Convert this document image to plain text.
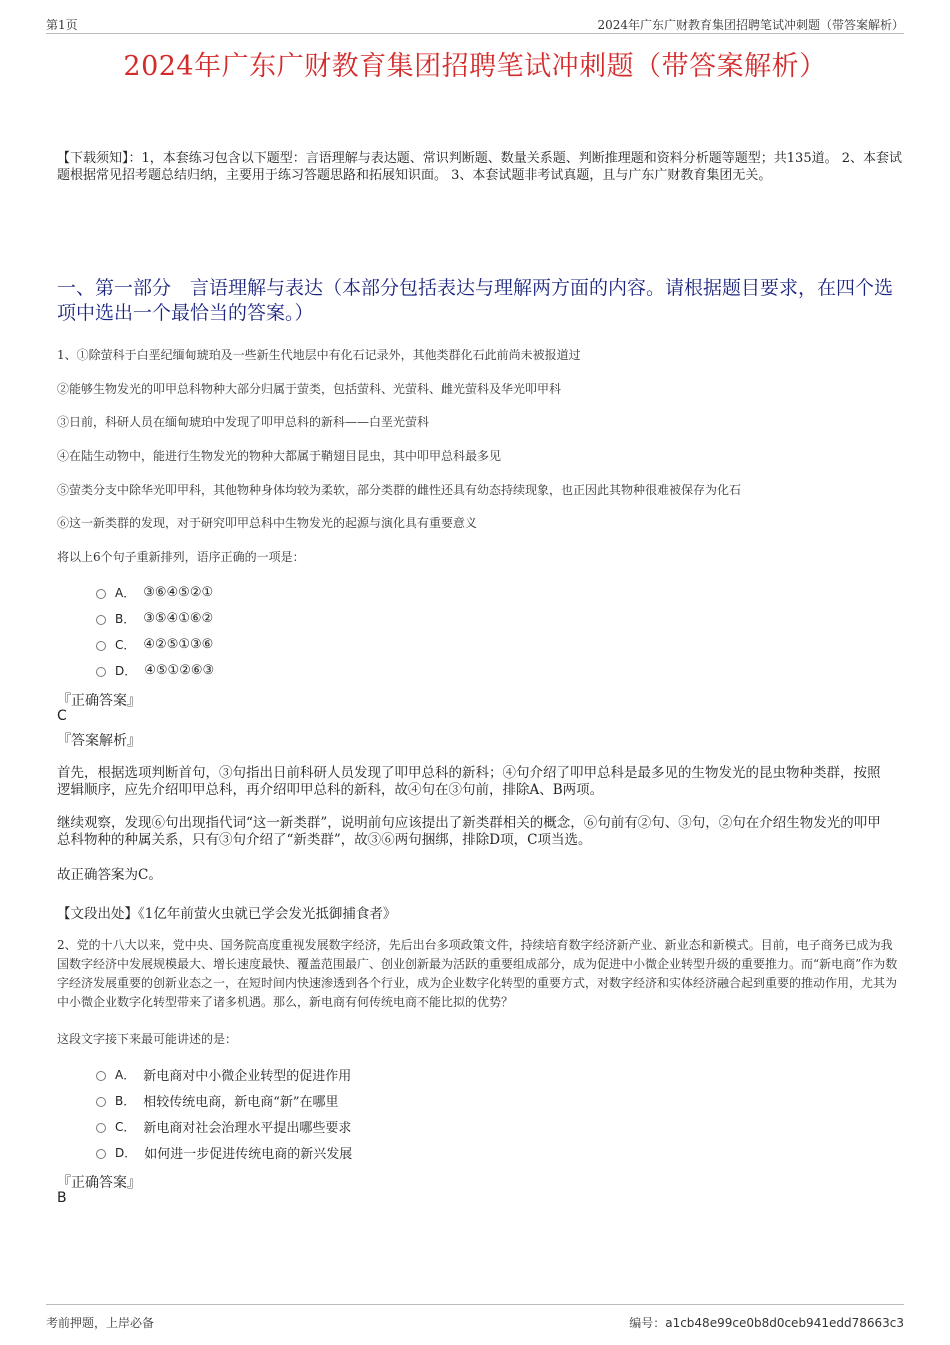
第1页	2024年广东广财教育集团招聘笔试冲刺题（带答案解析）
2024年广东广财教育集团招聘笔试冲刺题（带答案解析）
【下载须知】：1，本套练习包含以下题型：言语理解与表达题、常识判断题、数量关系题、判断推理题和资料分析题等题型；共135道。 2、本套试题根据常见招考题总结归纳，主要用于练习答题思路和拓展知识面。 3、本套试题非考试真题，且与广东广财教育集团无关。
一、第一部分　言语理解与表达（本部分包括表达与理解两方面的内容。请根据题目要求，在四个选项中选出一个最恰当的答案。）
1、①除萤科于白垩纪缅甸琥珀及一些新生代地层中有化石记录外，其他类群化石此前尚未被报道过
②能够生物发光的叩甲总科物种大部分归属于萤类，包括萤科、光萤科、雌光萤科及华光叩甲科
③日前，科研人员在缅甸琥珀中发现了叩甲总科的新科——白垩光萤科
④在陆生动物中，能进行生物发光的物种大都属于鞘翅目昆虫，其中叩甲总科最多见
⑤萤类分支中除华光叩甲科，其他物种身体均较为柔软，部分类群的雌性还具有幼态持续现象，也正因此其物种很难被保存为化石
⑥这一新类群的发现，对于研究叩甲总科中生物发光的起源与演化具有重要意义
将以上6个句子重新排列，语序正确的一项是：
A． ③⑥④⑤②①
B． ③⑤④①⑥②
C． ④②⑤①③⑥
D． ④⑤①②⑥③
『正确答案』
C
『答案解析』
首先，根据选项判断首句，③句指出日前科研人员发现了叩甲总科的新科；④句介绍了叩甲总科是最多见的生物发光的昆虫物种类群，按照逻辑顺序，应先介绍叩甲总科，再介绍叩甲总科的新科，故④句在③句前，排除A、B两项。
继续观察，发现⑥句出现指代词“这一新类群”，说明前句应该提出了新类群相关的概念，⑥句前有②句、③句，②句在介绍生物发光的叩甲总科物种的种属关系，只有③句介绍了“新类群”，故③⑥两句捆绑，排除D项，C项当选。
故正确答案为C。
【文段出处】《1亿年前萤火虫就已学会发光抵御捕食者》
2、党的十八大以来，党中央、国务院高度重视发展数字经济，先后出台多项政策文件，持续培育数字经济新产业、新业态和新模式。目前，电子商务已成为我国数字经济中发展规模最大、增长速度最快、覆盖范围最广、创业创新最为活跃的重要组成部分，成为促进中小微企业转型升级的重要推力。而“新电商”作为数字经济发展重要的创新业态之一，在短时间内快速渗透到各个行业，成为企业数字化转型的重要方式，对数字经济和实体经济融合起到重要的推动作用，尤其为中小微企业数字化转型带来了诸多机遇。那么，新电商有何传统电商不能比拟的优势？
这段文字接下来最可能讲述的是：
A． 新电商对中小微企业转型的促进作用
B． 相较传统电商，新电商“新”在哪里
C． 新电商对社会治理水平提出哪些要求
D． 如何进一步促进传统电商的新兴发展
『正确答案』
B
考前押题，上岸必备	编号：a1cb48e99ce0b8d0ceb941edd78663c3
